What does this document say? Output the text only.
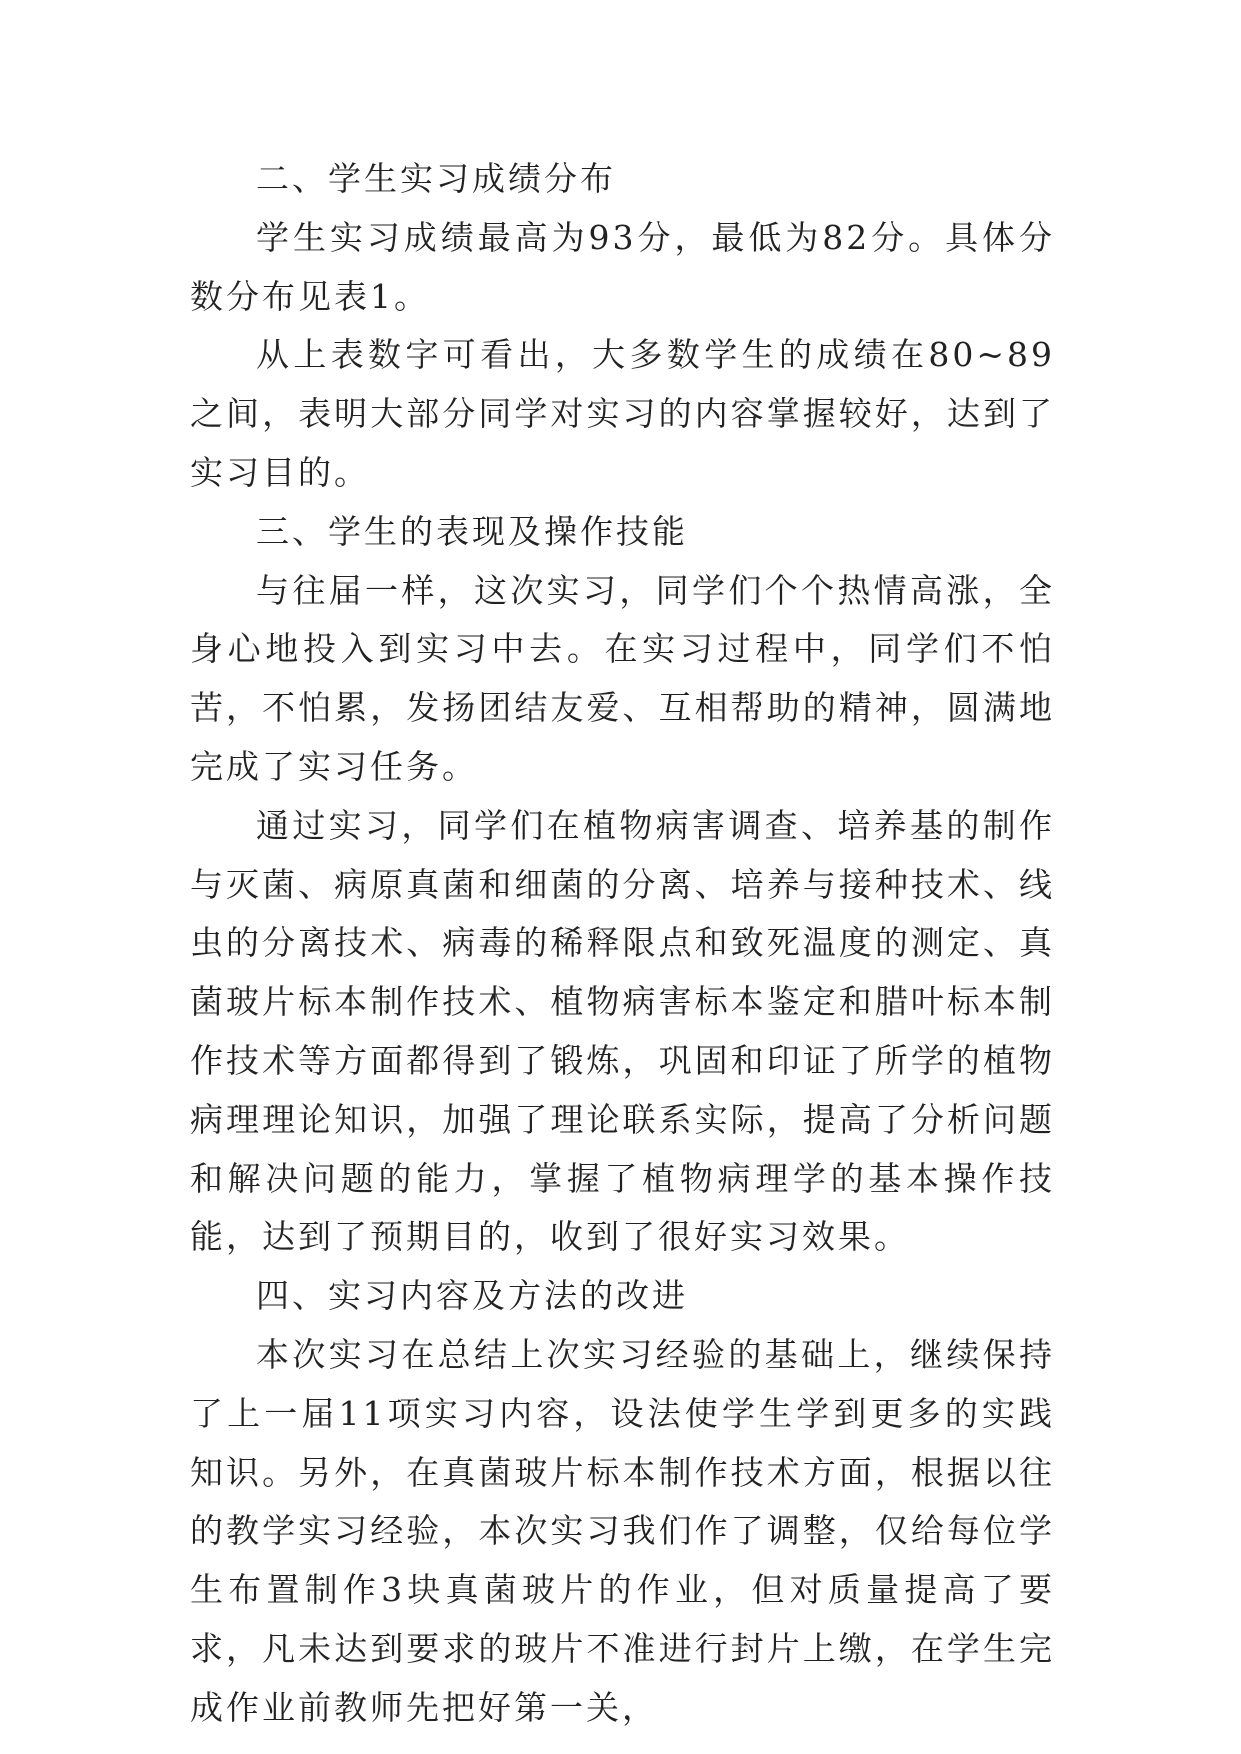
二、学生实习成绩分布

学生实习成绩最高为93分，最低为82分。具体分数分布见表1。

从上表数字可看出，大多数学生的成绩在80~89之间，表明大部分同学对实习的内容掌握较好，达到了实习目的。

三、学生的表现及操作技能

与往届一样，这次实习，同学们个个热情高涨，全身心地投入到实习中去。在实习过程中，同学们不怕苦，不怕累，发扬团结友爱、互相帮助的精神，圆满地完成了实习任务。

通过实习，同学们在植物病害调查、培养基的制作与灭菌、病原真菌和细菌的分离、培养与接种技术、线虫的分离技术、病毒的稀释限点和致死温度的测定、真菌玻片标本制作技术、植物病害标本鉴定和腊叶标本制作技术等方面都得到了锻炼，巩固和印证了所学的植物病理理论知识，加强了理论联系实际，提高了分析问题和解决问题的能力，掌握了植物病理学的基本操作技能，达到了预期目的，收到了很好实习效果。

四、实习内容及方法的改进

本次实习在总结上次实习经验的基础上，继续保持了上一届11项实习内容，设法使学生学到更多的实践知识。另外，在真菌玻片标本制作技术方面，根据以往的教学实习经验，本次实习我们作了调整，仅给每位学生布置制作3块真菌玻片的作业，但对质量提高了要求，凡未达到要求的玻片不准进行封片上缴，在学生完成作业前教师先把好第一关，
